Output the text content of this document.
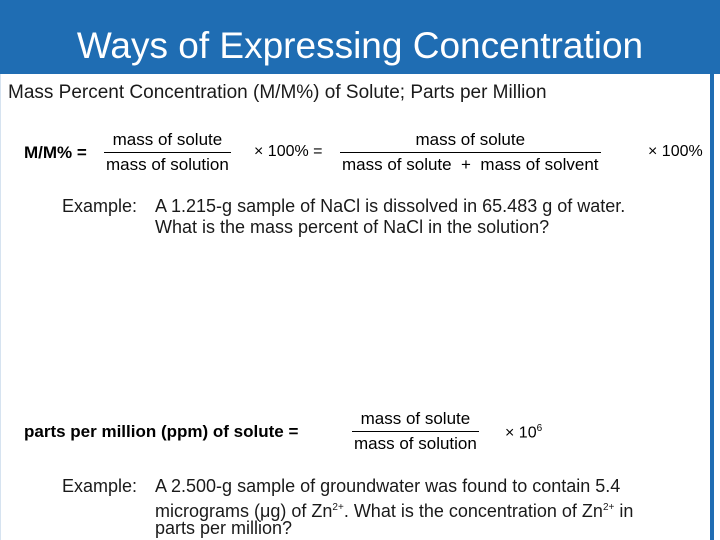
Ways of Expressing Concentration
Mass Percent Concentration (M/M%) of Solute; Parts per Million
M/M% =
mass of solute
mass of solution
× 100% =
mass of solute
mass of solute  +  mass of solvent
× 100%
Example: A 1.215-g sample of NaCl is dissolved in 65.483 g of water.
What is the mass percent of NaCl in the solution?
parts per million (ppm) of solute =
mass of solute
mass of solution
× $10^6$
Example: A 2.500-g sample of groundwater was found to contain 5.4
micrograms (μg) of $Zn^{2+}$. What is the concentration of $Zn^{2+}$ in
parts per million?
